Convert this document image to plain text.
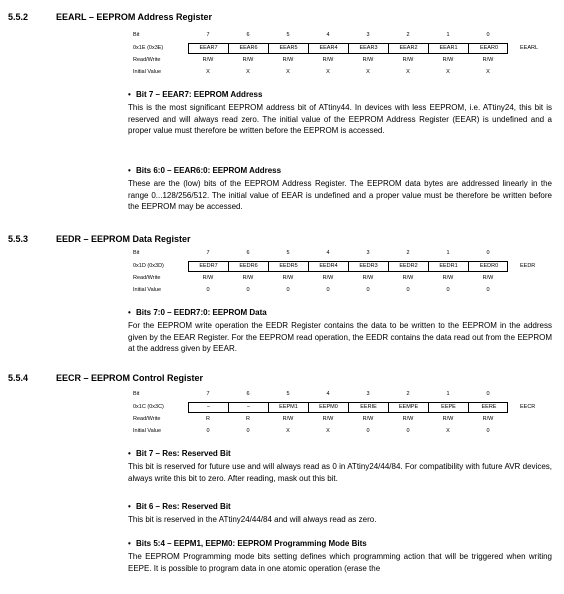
5.5.2	EEARL – EEPROM Address Register
Bit	7	6	5	4	3	2	1	0
0x1E (0x3E)	EEAR7	EEAR6	EEAR5	EEAR4	EEAR3	EEAR2	EEAR1	EEAR0	EEARL
Read/Write	R/W	R/W	R/W	R/W	R/W	R/W	R/W	R/W
Initial Value	X	X	X	X	X	X	X	X
• Bit 7 – EEAR7: EEPROM Address
This is the most significant EEPROM address bit of ATtiny44. In devices with less EEPROM, i.e. ATtiny24, this bit is reserved and will always read zero. The initial value of the EEPROM Address Register (EEAR) is undefined and a proper value must therefore be written before the EEPROM is accessed.
• Bits 6:0 – EEAR6:0: EEPROM Address
These are the (low) bits of the EEPROM Address Register. The EEPROM data bytes are addressed linearly in the range 0...128/256/512. The initial value of EEAR is undefined and a proper value must be therefore be written before the EEPROM may be accessed.
5.5.3	EEDR – EEPROM Data Register
Bit	7	6	5	4	3	2	1	0
0x1D (0x3D)	EEDR7	EEDR6	EEDR5	EEDR4	EEDR3	EEDR2	EEDR1	EEDR0	EEDR
Read/Write	R/W	R/W	R/W	R/W	R/W	R/W	R/W	R/W
Initial Value	0	0	0	0	0	0	0	0
• Bits 7:0 – EEDR7:0: EEPROM Data
For the EEPROM write operation the EEDR Register contains the data to be written to the EEPROM in the address given by the EEAR Register. For the EEPROM read operation, the EEDR contains the data read out from the EEPROM at the address given by EEAR.
5.5.4	EECR – EEPROM Control Register
Bit	7	6	5	4	3	2	1	0
0x1C (0x3C)	–	–	EEPM1	EEPM0	EERIE	EEMPE	EEPE	EERE	EECR
Read/Write	R	R	R/W	R/W	R/W	R/W	R/W	R/W
Initial Value	0	0	X	X	0	0	X	0
• Bit 7 – Res: Reserved Bit
This bit is reserved for future use and will always read as 0 in ATtiny24/44/84. For compatibility with future AVR devices, always write this bit to zero. After reading, mask out this bit.
• Bit 6 – Res: Reserved Bit
This bit is reserved in the ATtiny24/44/84 and will always read as zero.
• Bits 5:4 – EEPM1, EEPM0: EEPROM Programming Mode Bits
The EEPROM Programming mode bits setting defines which programming action that will be triggered when writing EEPE. It is possible to program data in one atomic operation (erase the
